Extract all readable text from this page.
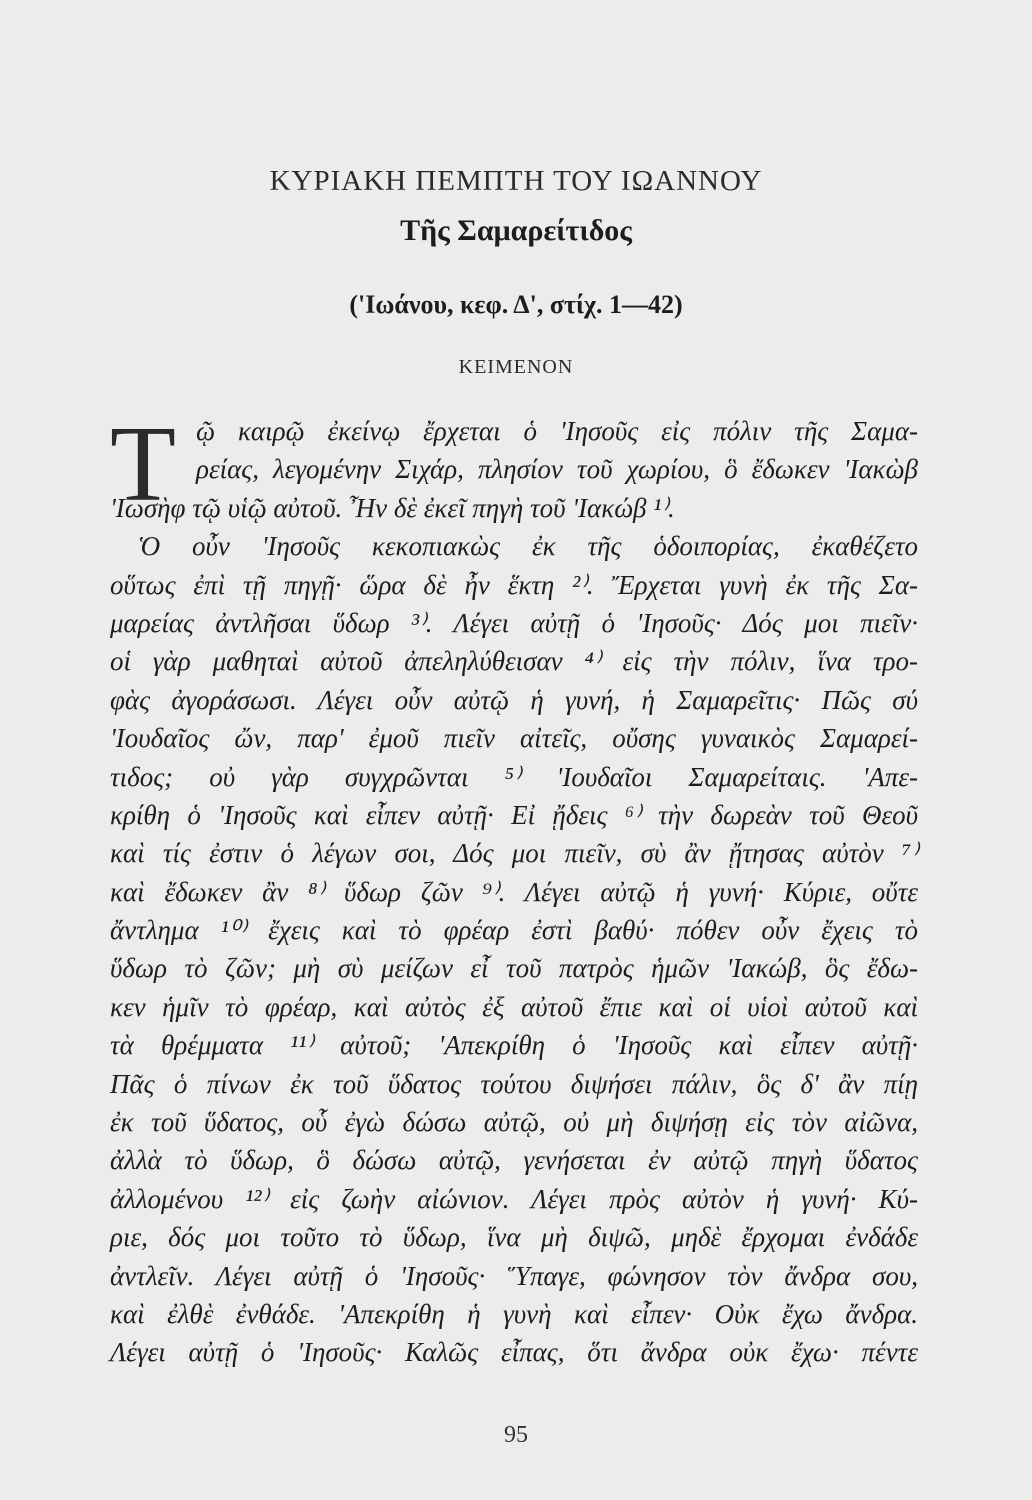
ΚΥΡΙΑΚΗ ΠΕΜΠΤΗ ΤΟΥ ΙΩΑΝΝΟΥ
Τῆς Σαμαρείτιδος
('Ιωάνου, κεφ. Δ', στίχ. 1—42)
ΚΕΙΜΕΝΟΝ
Τ ῷ καιρῷ ἐκείνῳ ἔρχεται ὁ 'Ιησοῦς εἰς πόλιν τῆς Σαμα-
ρείας, λεγομένην Σιχάρ, πλησίον τοῦ χωρίου, ὃ ἔδωκεν 'Ιακὼβ
'Ιωσὴφ τῷ υἱῷ αὐτοῦ. Ἦν δὲ ἐκεῖ πηγὴ τοῦ 'Ιακώβ ¹⁾.
Ὁ οὖν 'Ιησοῦς κεκοπιακὼς ἐκ τῆς ὁδοιπορίας, ἐκαθέζετο
οὕτως ἐπὶ τῇ πηγῇ· ὥρα δὲ ἦν ἕκτη ²⁾. Ἔρχεται γυνὴ ἐκ τῆς Σα-
μαρείας ἀντλῆσαι ὕδωρ ³⁾. Λέγει αὐτῇ ὁ 'Ιησοῦς· Δός μοι πιεῖν·
οἱ γὰρ μαθηταὶ αὐτοῦ ἀπεληλύθεισαν ⁴⁾ εἰς τὴν πόλιν, ἵνα τρο-
φὰς ἀγοράσωσι. Λέγει οὖν αὐτῷ ἡ γυνή, ἡ Σαμαρεῖτις· Πῶς σύ
'Ιουδαῖος ὤν, παρ' ἐμοῦ πιεῖν αἰτεῖς, οὔσης γυναικὸς Σαμαρεί-
τιδος; οὐ γὰρ συγχρῶνται ⁵⁾ 'Ιουδαῖοι Σαμαρείταις. 'Απε-
κρίθη ὁ 'Ιησοῦς καὶ εἶπεν αὐτῇ· Εἰ ᾔδεις ⁶⁾ τὴν δωρεὰν τοῦ Θεοῦ
καὶ τίς ἐστιν ὁ λέγων σοι, Δός μοι πιεῖν, σὺ ἂν ᾔτησας αὐτὸν ⁷⁾
καὶ ἔδωκεν ἂν ⁸⁾ ὕδωρ ζῶν ⁹⁾. Λέγει αὐτῷ ἡ γυνή· Κύριε, οὔτε
ἄντλημα ¹⁰⁾ ἔχεις καὶ τὸ φρέαρ ἐστὶ βαθύ· πόθεν οὖν ἔχεις τὸ
ὕδωρ τὸ ζῶν; μὴ σὺ μείζων εἶ τοῦ πατρὸς ἡμῶν 'Ιακώβ, ὃς ἔδω-
κεν ἡμῖν τὸ φρέαρ, καὶ αὐτὸς ἐξ αὐτοῦ ἔπιε καὶ οἱ υἱοὶ αὐτοῦ καὶ
τὰ θρέμματα ¹¹⁾ αὐτοῦ; 'Απεκρίθη ὁ 'Ιησοῦς καὶ εἶπεν αὐτῇ·
Πᾶς ὁ πίνων ἐκ τοῦ ὕδατος τούτου διψήσει πάλιν, ὃς δ' ἂν πίῃ
ἐκ τοῦ ὕδατος, οὗ ἐγὼ δώσω αὐτῷ, οὐ μὴ διψήσῃ εἰς τὸν αἰῶνα,
ἀλλὰ τὸ ὕδωρ, ὃ δώσω αὐτῷ, γενήσεται ἐν αὐτῷ πηγὴ ὕδατος
ἀλλομένου ¹²⁾ εἰς ζωὴν αἰώνιον. Λέγει πρὸς αὐτὸν ἡ γυνή· Κύ-
ριε, δός μοι τοῦτο τὸ ὕδωρ, ἵνα μὴ διψῶ, μηδὲ ἔρχομαι ἐνδάδε
ἀντλεῖν. Λέγει αὐτῇ ὁ 'Ιησοῦς· Ὕπαγε, φώνησον τὸν ἄνδρα σου,
καὶ ἐλθὲ ἐνθάδε. 'Απεκρίθη ἡ γυνὴ καὶ εἶπεν· Οὐκ ἔχω ἄνδρα.
Λέγει αὐτῇ ὁ 'Ιησοῦς· Καλῶς εἶπας, ὅτι ἄνδρα οὐκ ἔχω· πέντε
95
